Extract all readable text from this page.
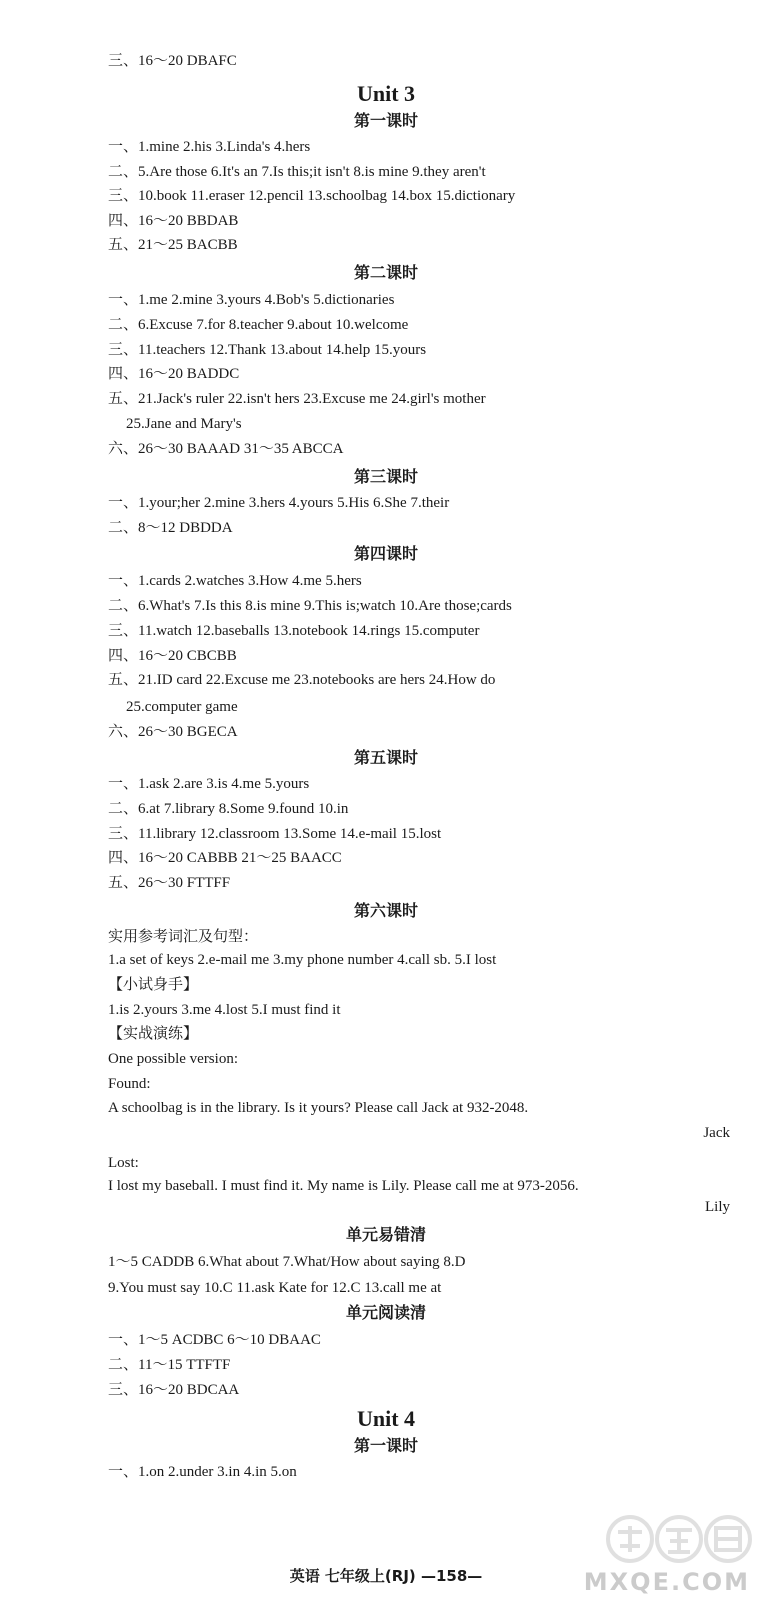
三、16～20 DBAFC
Unit 3
第一课时
一、1.mine 2.his 3.Linda's 4.hers
二、5.Are those 6.It's an 7.Is this;it isn't 8.is mine 9.they aren't
三、10.book 11.eraser 12.pencil 13.schoolbag 14.box 15.dictionary
四、16～20 BBDAB
五、21～25 BACBB
第二课时
一、1.me 2.mine 3.yours 4.Bob's 5.dictionaries
二、6.Excuse 7.for 8.teacher 9.about 10.welcome
三、11.teachers 12.Thank 13.about 14.help 15.yours
四、16～20 BADDC
五、21.Jack's ruler 22.isn't hers 23.Excuse me 24.girl's mother
25.Jane and Mary's
六、26～30 BAAAD 31～35 ABCCA
第三课时
一、1.your;her 2.mine 3.hers 4.yours 5.His 6.She 7.their
二、8～12 DBDDA
第四课时
一、1.cards 2.watches 3.How 4.me 5.hers
二、6.What's 7.Is this 8.is mine 9.This is;watch 10.Are those;cards
三、11.watch 12.baseballs 13.notebook 14.rings 15.computer
四、16～20 CBCBB
五、21.ID card 22.Excuse me 23.notebooks are hers 24.How do
25.computer game
六、26～30 BGECA
第五课时
一、1.ask 2.are 3.is 4.me 5.yours
二、6.at 7.library 8.Some 9.found 10.in
三、11.library 12.classroom 13.Some 14.e-mail 15.lost
四、16～20 CABBB 21～25 BAACC
五、26～30 FTTFF
第六课时
实用参考词汇及句型：
1.a set of keys 2.e-mail me 3.my phone number 4.call sb. 5.I lost
【小试身手】
1.is 2.yours 3.me 4.lost 5.I must find it
【实战演练】
One possible version:
Found:
A schoolbag is in the library. Is it yours? Please call Jack at 932-2048.
Jack
Lost:
I lost my baseball. I must find it. My name is Lily. Please call me at 973-2056.
Lily
单元易错清
1～5 CADDB 6.What about 7.What/How about saying 8.D
9.You must say 10.C 11.ask Kate for 12.C 13.call me at
单元阅读清
一、1～5 ACDBC 6～10 DBAAC
二、11～15 TTFTF
三、16～20 BDCAA
Unit 4
第一课时
一、1.on 2.under 3.in 4.in 5.on
英语 七年级上(RJ) —158—	MXQE.COM
